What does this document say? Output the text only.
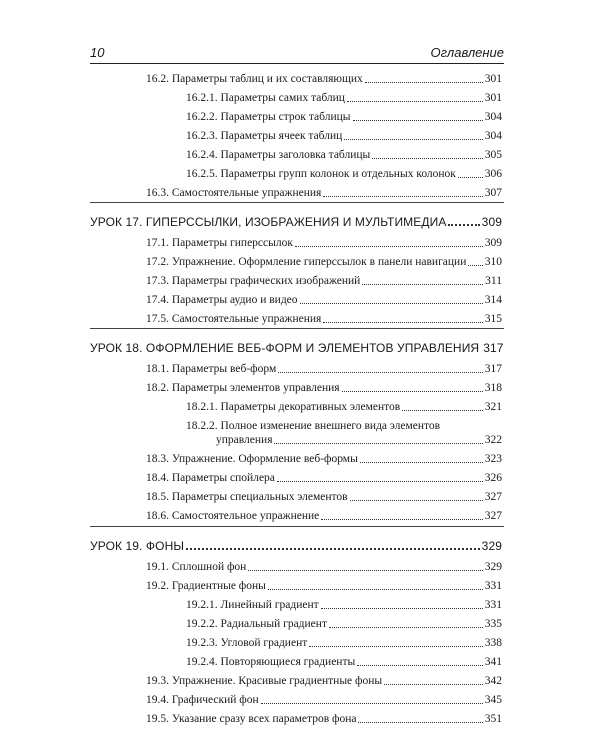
10	Оглавление
16.2. Параметры таблиц и их составляющих	301
16.2.1. Параметры самих таблиц	301
16.2.2. Параметры строк таблицы	304
16.2.3. Параметры ячеек таблиц	304
16.2.4. Параметры заголовка таблицы	305
16.2.5. Параметры групп колонок и отдельных колонок	306
16.3. Самостоятельные упражнения	307
УРОК 17. ГИПЕРССЫЛКИ, ИЗОБРАЖЕНИЯ И МУЛЬТИМЕДИА	309
17.1. Параметры гиперссылок	309
17.2. Упражнение. Оформление гиперссылок в панели навигации 310
17.3. Параметры графических изображений	311
17.4. Параметры аудио и видео	314
17.5. Самостоятельные упражнения	315
УРОК 18. ОФОРМЛЕНИЕ ВЕБ-ФОРМ И ЭЛЕМЕНТОВ УПРАВЛЕНИЯ 317
18.1. Параметры веб-форм	317
18.2. Параметры элементов управления	318
18.2.1. Параметры декоративных элементов	321
18.2.2. Полное изменение внешнего вида элементов
управления	322
18.3. Упражнение. Оформление веб-формы	323
18.4. Параметры спойлера	326
18.5. Параметры специальных элементов	327
18.6. Самостоятельное упражнение	327
УРОК 19. ФОНЫ	329
19.1. Сплошной фон	329
19.2. Градиентные фоны	331
19.2.1. Линейный градиент	331
19.2.2. Радиальный градиент	335
19.2.3. Угловой градиент	338
19.2.4. Повторяющиеся градиенты	341
19.3. Упражнение. Красивые градиентные фоны	342
19.4. Графический фон	345
19.5. Указание сразу всех параметров фона	351
